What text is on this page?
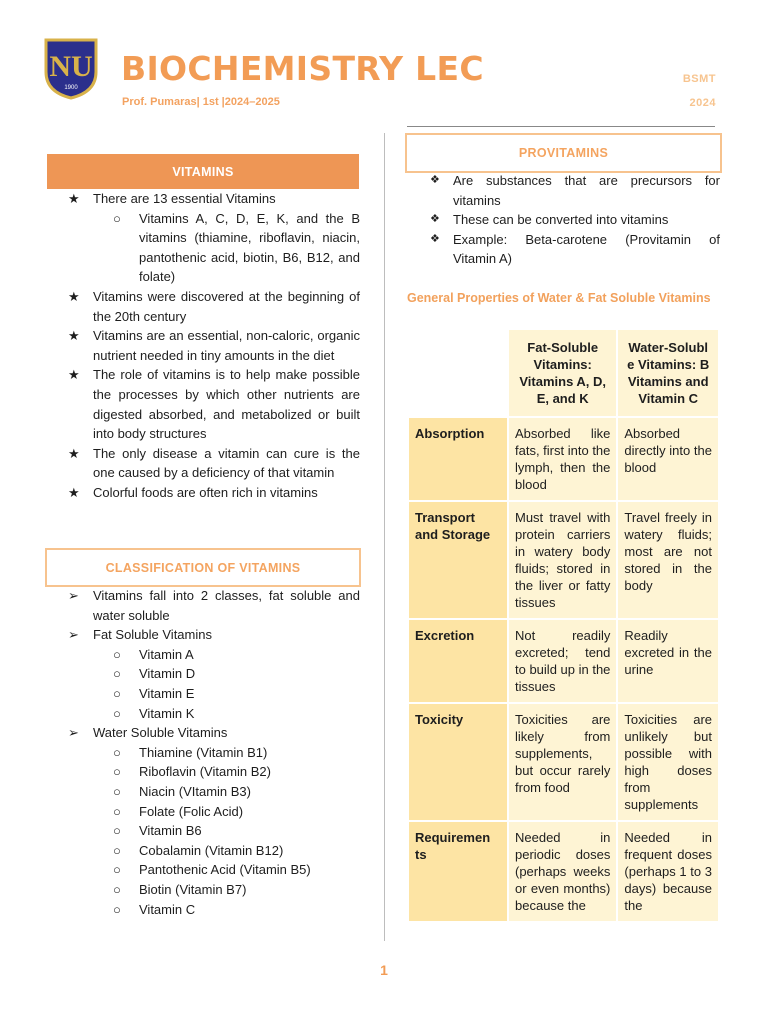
NU
1900 BIOCHEMISTRY LEC
Prof. Pumaras| 1st |2024–2025
BSMT
2024
VITAMINS
★	There are 13 essential Vitamins
○	Vitamins A, C, D, E, K, and the B vitamins (thiamine, riboflavin, niacin, pantothenic acid, biotin, B6, B12, and folate)
★	Vitamins were discovered at the beginning of the 20th century
★	Vitamins are an essential, non-caloric, organic nutrient needed in tiny amounts in the diet
★	The role of vitamins is to help make possible the processes by which other nutrients are digested absorbed, and metabolized or built into body structures
★	The only disease a vitamin can cure is the one caused by a deficiency of that vitamin
★	Colorful foods are often rich in vitamins
CLASSIFICATION OF VITAMINS
➢	Vitamins fall into 2 classes, fat soluble and water soluble
➢	Fat Soluble Vitamins
○	Vitamin A
○	Vitamin D
○	Vitamin E
○	Vitamin K
➢	Water Soluble Vitamins
○	Thiamine (Vitamin B1)
○	Riboflavin (Vitamin B2)
○	Niacin (VItamin B3)
○	Folate (Folic Acid)
○	Vitamin B6
○	Cobalamin (Vitamin B12)
○	Pantothenic Acid (Vitamin B5)
○	Biotin (Vitamin B7)
○	Vitamin C
PROVITAMINS
❖ Are substances that are precursors for vitamins
❖ These can be converted into vitamins
❖ Example: Beta-carotene (Provitamin of Vitamin A)
General Properties of Water & Fat Soluble Vitamins
	Fat-Soluble Vitamins: Vitamins A, D, E, and K	Water-Solubl e Vitamins: B Vitamins and Vitamin C
Absorption	Absorbed like fats, first into the lymph, then the blood	Absorbed directly into the blood
Transport and Storage	Must travel with protein carriers in watery body fluids; stored in the liver or fatty tissues	Travel freely in watery fluids; most are not stored in the body
Excretion	Not readily excreted; tend to build up in the tissues	Readily excreted in the urine
Toxicity	Toxicities are likely from supplements, but occur rarely from food	Toxicities are unlikely but possible with high doses from supplements
Requiremen ts	Needed in periodic doses (perhaps weeks or even months) because the	Needed in frequent doses (perhaps 1 to 3 days) because the
1
